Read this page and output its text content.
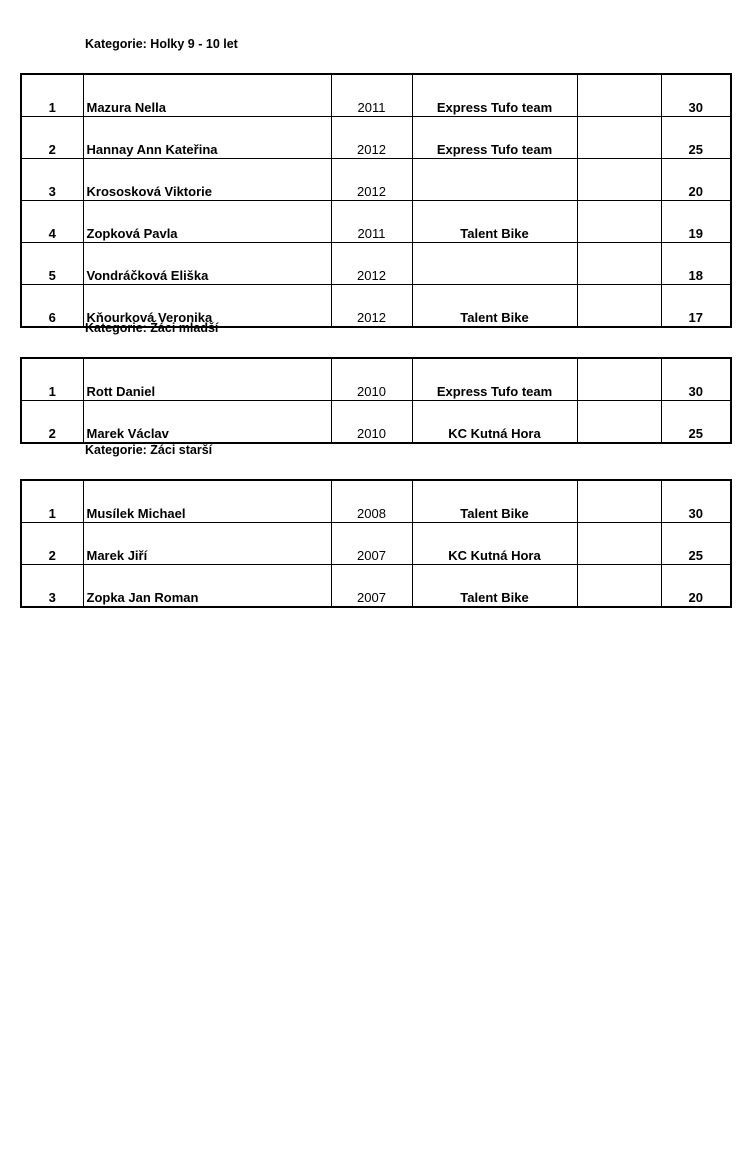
Kategorie: Holky 9 - 10 let
1	Mazura Nella	2011	Express Tufo team		30
2	Hannay Ann Kateřina	2012	Express Tufo team		25
3	Krososková Viktorie	2012			20
4	Zopková Pavla	2011	Talent Bike		19
5	Vondráčková Eliška	2012			18
6	Kňourková Veronika	2012	Talent Bike		17
Kategorie: Žáci mladší
1	Rott Daniel	2010	Express Tufo team		30
2	Marek Václav	2010	KC Kutná Hora		25
Kategorie: Žáci starší
1	Musílek Michael	2008	Talent Bike		30
2	Marek Jiří	2007	KC Kutná Hora		25
3	Zopka Jan Roman	2007	Talent Bike		20
